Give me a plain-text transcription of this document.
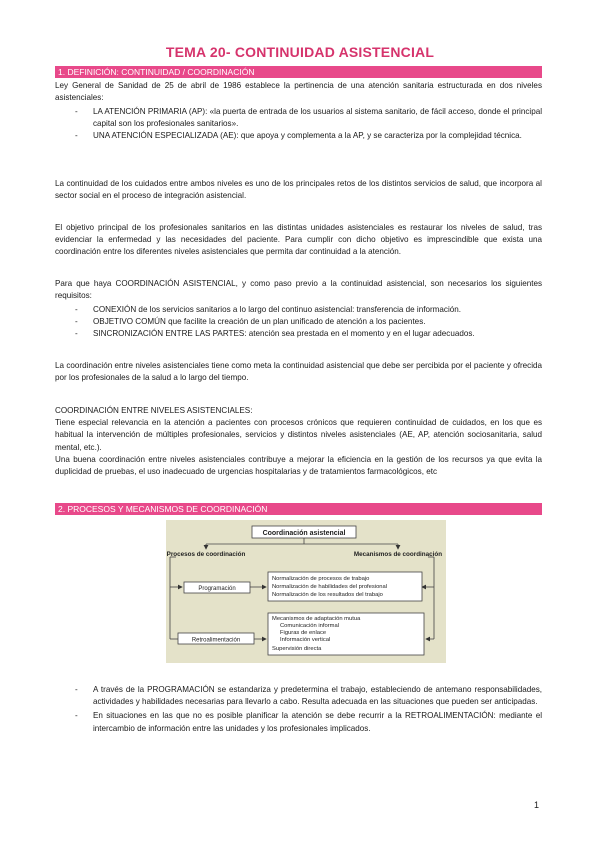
TEMA 20- CONTINUIDAD ASISTENCIAL
1. DEFINICIÓN: CONTINUIDAD / COORDINACIÓN

Ley General de Sanidad de 25 de abril de 1986 establece la pertinencia de una atención sanitaria estructurada en dos niveles asistenciales:

- LA ATENCIÓN PRIMARIA (AP): «la puerta de entrada de los usuarios al sistema sanitario, de fácil acceso, donde el principal capital son los profesionales sanitarios».

- UNA ATENCIÓN ESPECIALIZADA (AE): que apoya y complementa a la AP, y se caracteriza por la complejidad técnica.

La continuidad de los cuidados entre ambos niveles es uno de los principales retos de los distintos servicios de salud, que incorpora al sector social en el proceso de integración asistencial.

El objetivo principal de los profesionales sanitarios en las distintas unidades asistenciales es restaurar los niveles de salud, tras evidenciar la enfermedad y las necesidades del paciente. Para cumplir con dicho objetivo es imprescindible que exista una coordinación entre los diferentes niveles asistenciales que permita dar continuidad a la atención.

Para que haya COORDINACIÓN ASISTENCIAL, y como paso previo a la continuidad asistencial, son necesarios los siguientes requisitos:

- CONEXIÓN de los servicios sanitarios a lo largo del continuo asistencial: transferencia de información.

- OBJETIVO COMÚN que facilite la creación de un plan unificado de atención a los pacientes.

- SINCRONIZACIÓN ENTRE LAS PARTES: atención sea prestada en el momento y en el lugar adecuados.

La coordinación entre niveles asistenciales tiene como meta la continuidad asistencial que debe ser percibida por el paciente y ofrecida por los profesionales de la salud a lo largo del tiempo.

COORDINACIÓN ENTRE NIVELES ASISTENCIALES:

Tiene especial relevancia en la atención a pacientes con procesos crónicos que requieren continuidad de cuidados, en los que es habitual la intervención de múltiples profesionales, servicios y distintos niveles asistenciales (AE, AP, atención sociosanitaria, salud mental, etc.).

Una buena coordinación entre niveles asistenciales contribuye a mejorar la eficiencia en la gestión de los recursos ya que evita la duplicidad de pruebas, el uso inadecuado de urgencias hospitalarias y de tratamientos farmacológicos, etc

2. PROCESOS Y MECANISMOS DE COORDINACIÓN
Coordinación asistencial
Procesos de coordinación	Mecanismos de coordinación
Programación
Retroalimentación
Normalización de procesos de trabajo
Normalización de habilidades del profesional
Normalización de los resultados del trabajo
Mecanismos de adaptación mutua
Comunicación informal
Figuras de enlace
Información vertical
Supervisión directa

- A través de la PROGRAMACIÓN se estandariza y predetermina el trabajo, estableciendo de antemano responsabilidades, actividades y habilidades necesarias para llevarlo a cabo. Resulta adecuada en las situaciones que pueden ser anticipadas.

- En situaciones en las que no es posible planificar la atención se debe recurrir a la RETROALIMENTACIÓN: mediante el intercambio de información entre las unidades y los profesionales implicados.

1
